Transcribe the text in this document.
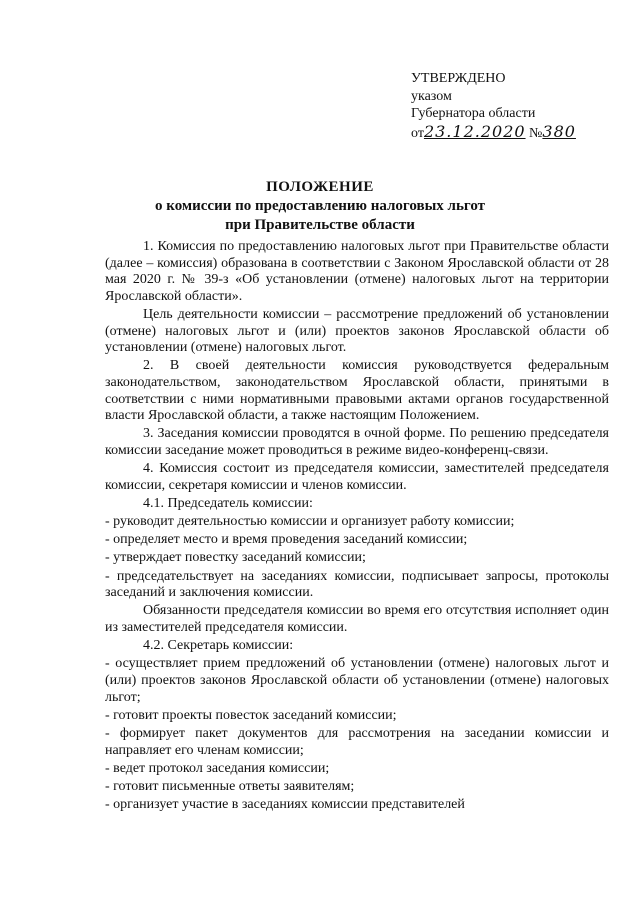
УТВЕРЖДЕНО
указом
Губернатора области
от23.12.2020 №380
ПОЛОЖЕНИЕ
о комиссии по предоставлению налоговых льгот
при Правительстве области

1. Комиссия по предоставлению налоговых льгот при Правительстве области (далее – комиссия) образована в соответствии с Законом Ярославской области от 28 мая 2020 г. № 39-з «Об установлении (отмене) налоговых льгот на территории Ярославской области».

Цель деятельности комиссии – рассмотрение предложений об установлении (отмене) налоговых льгот и (или) проектов законов Ярославской области об установлении (отмене) налоговых льгот.

2. В своей деятельности комиссия руководствуется федеральным законодательством, законодательством Ярославской области, принятыми в соответствии с ними нормативными правовыми актами органов государственной власти Ярославской области, а также настоящим Положением.

3. Заседания комиссии проводятся в очной форме. По решению председателя комиссии заседание может проводиться в режиме видео-конференц-связи.

4. Комиссия состоит из председателя комиссии, заместителей председателя комиссии, секретаря комиссии и членов комиссии.

4.1. Председатель комиссии:

- руководит деятельностью комиссии и организует работу комиссии;

- определяет место и время проведения заседаний комиссии;

- утверждает повестку заседаний комиссии;

- председательствует на заседаниях комиссии, подписывает запросы, протоколы заседаний и заключения комиссии.

Обязанности председателя комиссии во время его отсутствия исполняет один из заместителей председателя комиссии.

4.2. Секретарь комиссии:

- осуществляет прием предложений об установлении (отмене) налоговых льгот и (или) проектов законов Ярославской области об установлении (отмене) налоговых льгот;

- готовит проекты повесток заседаний комиссии;

- формирует пакет документов для рассмотрения на заседании комиссии и направляет его членам комиссии;

- ведет протокол заседания комиссии;

- готовит письменные ответы заявителям;

- организует участие в заседаниях комиссии представителей
